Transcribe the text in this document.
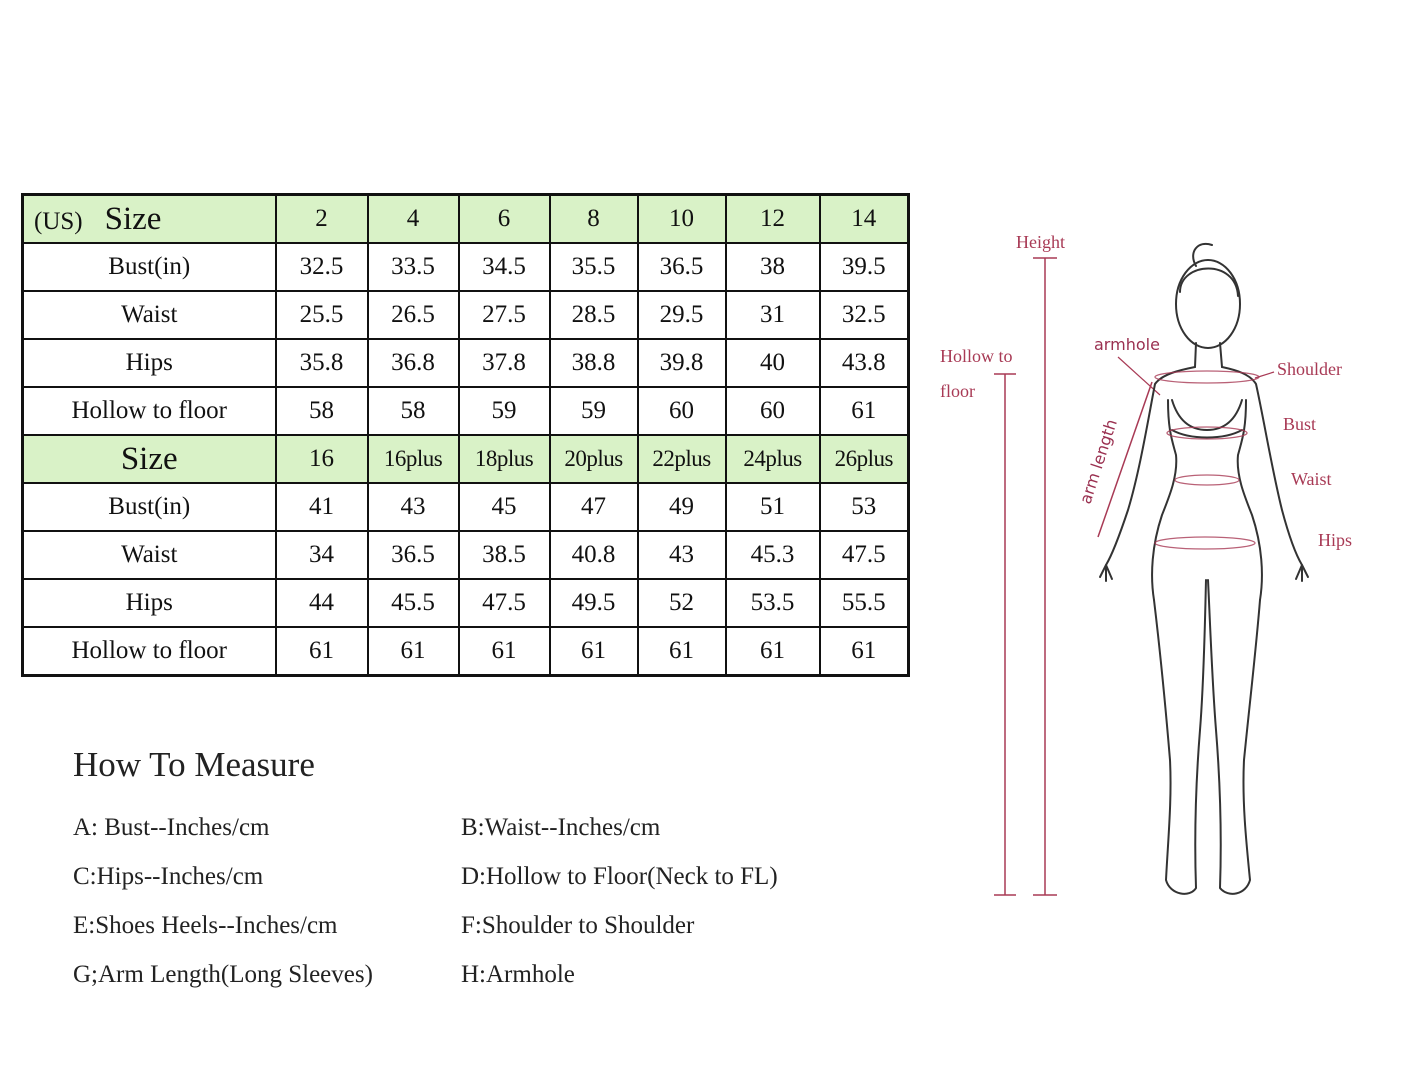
(US) Size	2	4	6	8	10	12	14
Bust(in)	32.5	33.5	34.5	35.5	36.5	38	39.5
Waist	25.5	26.5	27.5	28.5	29.5	31	32.5
Hips	35.8	36.8	37.8	38.8	39.8	40	43.8
Hollow to floor	58	58	59	59	60	60	61
Size	16	16plus	18plus	20plus	22plus	24plus	26plus
Bust(in)	41	43	45	47	49	51	53
Waist	34	36.5	38.5	40.8	43	45.3	47.5
Hips	44	45.5	47.5	49.5	52	53.5	55.5
Hollow to floor	61	61	61	61	61	61	61
How To Measure
A: Bust--Inches/cm	B:Waist--Inches/cm
C:Hips--Inches/cm	D:Hollow to Floor(Neck to FL)
E:Shoes Heels--Inches/cm	F:Shoulder to Shoulder
G;Arm Length(Long Sleeves)	H:Armhole
Height
Hollow to
floor
armhole
arm length
Shoulder
Bust
Waist
Hips
